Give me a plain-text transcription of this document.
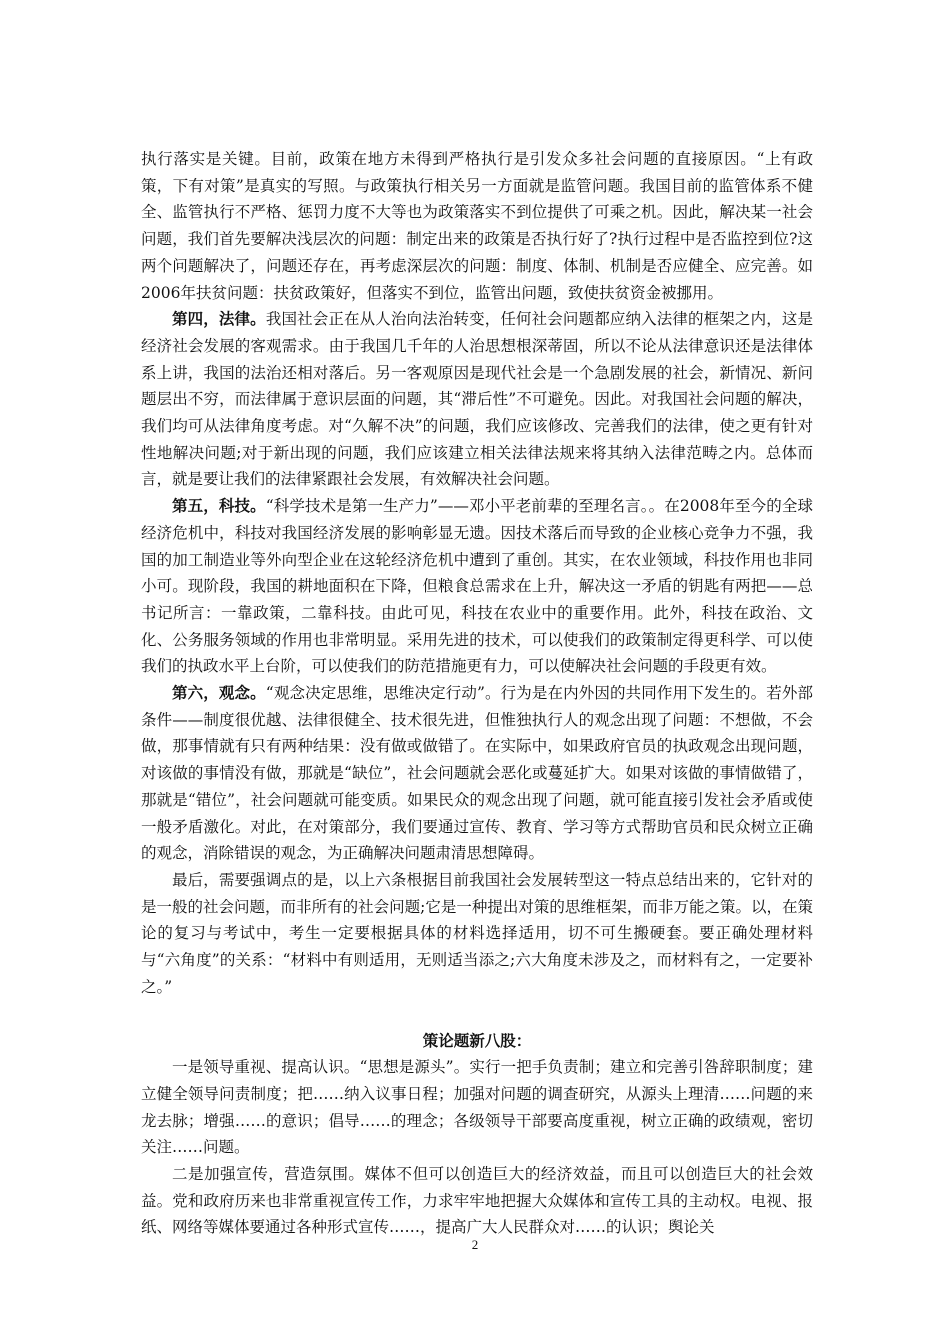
执行落实是关键。目前，政策在地方未得到严格执行是引发众多社会问题的直接原因。“上有政策，下有对策”是真实的写照。与政策执行相关另一方面就是监管问题。我国目前的监管体系不健全、监管执行不严格、惩罚力度不大等也为政策落实不到位提供了可乘之机。因此，解决某一社会问题，我们首先要解决浅层次的问题：制定出来的政策是否执行好了?执行过程中是否监控到位?这两个问题解决了，问题还存在，再考虑深层次的问题：制度、体制、机制是否应健全、应完善。如2006年扶贫问题：扶贫政策好，但落实不到位，监管出问题，致使扶贫资金被挪用。

第四，法律。我国社会正在从人治向法治转变，任何社会问题都应纳入法律的框架之内，这是经济社会发展的客观需求。由于我国几千年的人治思想根深蒂固，所以不论从法律意识还是法律体系上讲，我国的法治还相对落后。另一客观原因是现代社会是一个急剧发展的社会，新情况、新问题层出不穷，而法律属于意识层面的问题，其“滞后性”不可避免。因此。对我国社会问题的解决，我们均可从法律角度考虑。对“久解不决”的问题，我们应该修改、完善我们的法律，使之更有针对性地解决问题;对于新出现的问题，我们应该建立相关法律法规来将其纳入法律范畴之内。总体而言，就是要让我们的法律紧跟社会发展，有效解决社会问题。

第五，科技。“科学技术是第一生产力”——邓小平老前辈的至理名言。。在2008年至今的全球经济危机中，科技对我国经济发展的影响彰显无遗。因技术落后而导致的企业核心竞争力不强，我国的加工制造业等外向型企业在这轮经济危机中遭到了重创。其实，在农业领域，科技作用也非同小可。现阶段，我国的耕地面积在下降，但粮食总需求在上升，解决这一矛盾的钥匙有两把——总书记所言：一靠政策，二靠科技。由此可见，科技在农业中的重要作用。此外，科技在政治、文化、公务服务领域的作用也非常明显。采用先进的技术，可以使我们的政策制定得更科学、可以使我们的执政水平上台阶，可以使我们的防范措施更有力，可以使解决社会问题的手段更有效。

第六，观念。“观念决定思维，思维决定行动”。行为是在内外因的共同作用下发生的。若外部条件——制度很优越、法律很健全、技术很先进，但惟独执行人的观念出现了问题：不想做，不会做，那事情就有只有两种结果：没有做或做错了。在实际中，如果政府官员的执政观念出现问题，对该做的事情没有做，那就是“缺位”，社会问题就会恶化或蔓延扩大。如果对该做的事情做错了，那就是“错位”，社会问题就可能变质。如果民众的观念出现了问题，就可能直接引发社会矛盾或使一般矛盾激化。对此，在对策部分，我们要通过宣传、教育、学习等方式帮助官员和民众树立正确的观念，消除错误的观念，为正确解决问题肃清思想障碍。

最后，需要强调点的是，以上六条根据目前我国社会发展转型这一特点总结出来的，它针对的是一般的社会问题，而非所有的社会问题;它是一种提出对策的思维框架，而非万能之策。以，在策论的复习与考试中，考生一定要根据具体的材料选择适用，切不可生搬硬套。要正确处理材料与“六角度”的关系：“材料中有则适用，无则适当添之;六大角度未涉及之，而材料有之，一定要补之。”

策论题新八股：

一是领导重视、提高认识。“思想是源头”。实行一把手负责制；建立和完善引咎辞职制度；建立健全领导问责制度；把……纳入议事日程；加强对问题的调查研究，从源头上理清……问题的来龙去脉；增强……的意识；倡导……的理念；各级领导干部要高度重视，树立正确的政绩观，密切关注……问题。

二是加强宣传，营造氛围。媒体不但可以创造巨大的经济效益，而且可以创造巨大的社会效益。党和政府历来也非常重视宣传工作，力求牢牢地把握大众媒体和宣传工具的主动权。电视、报纸、网络等媒体要通过各种形式宣传……，提高广大人民群众对……的认识；舆论关

2
